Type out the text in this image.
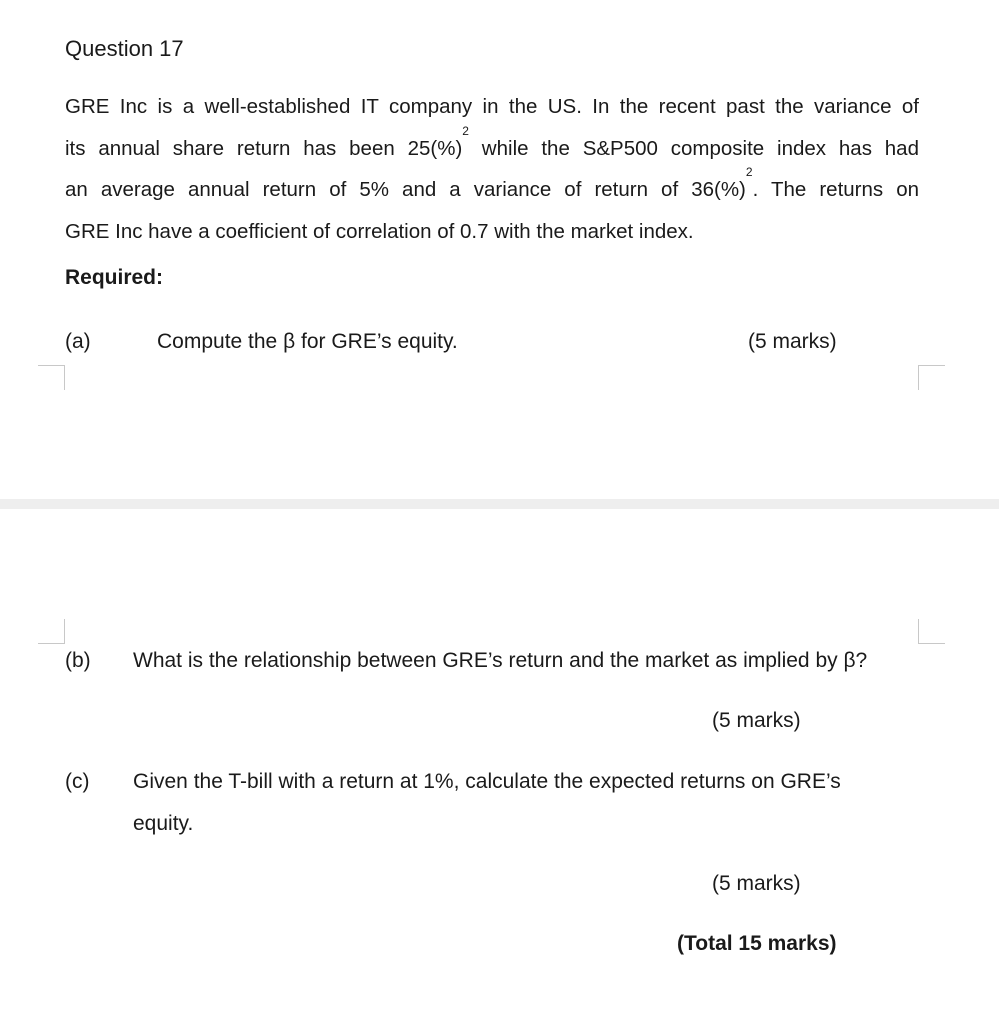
Question 17
GRE Inc is a well-established IT company in the US. In the recent past the variance of
its annual share return has been 25(%)$^2$ while the S&P500 composite index has had
an average annual return of 5% and a variance of return of 36(%)$^2$. The returns on
GRE Inc have a coefficient of correlation of 0.7 with the market index.
Required:
(a)	Compute the β for GRE’s equity.	(5 marks)
(b) What is the relationship between GRE’s return and the market as implied by β?
(5 marks)
(c) Given the T-bill with a return at 1%, calculate the expected returns on GRE’s
equity.
(5 marks)
(Total 15 marks)
